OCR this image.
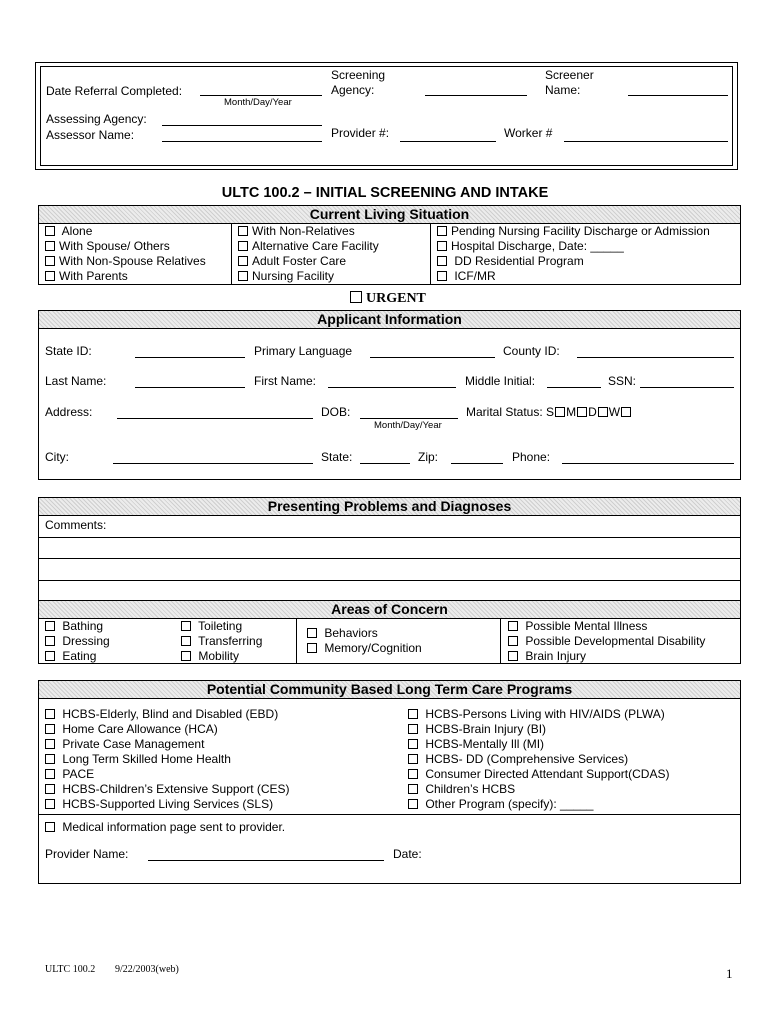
Date Referral Completed:
Month/Day/Year
Screening
Agency:
Screener
Name:
Assessing Agency:
Assessor Name:	Provider #:	Worker #
ULTC 100.2 – INITIAL SCREENING AND INTAKE
Current Living Situation
Alone
With Spouse/ Others
With Non-Spouse Relatives
With Parents
With Non-Relatives
Alternative Care Facility
Adult Foster Care
Nursing Facility
Pending Nursing Facility Discharge or Admission
Hospital Discharge, Date: _____
DD Residential Program
ICF/MR
URGENT
Applicant Information
State ID:	Primary Language	County ID:
Last Name:	First Name:	Middle Initial:	SSN:
Address:	DOB:
Month/Day/Year
Marital Status: S M D W
City:	State:	Zip:	Phone:
Presenting Problems and Diagnoses
Comments:
Areas of Concern
Bathing
Dressing
Eating
Toileting
Transferring
Mobility
Behaviors
Memory/Cognition
Possible Mental Illness
Possible Developmental Disability
Brain Injury
Potential Community Based Long Term Care Programs
HCBS-Elderly, Blind and Disabled (EBD)
Home Care Allowance (HCA)
Private Case Management
Long Term Skilled Home Health
PACE
HCBS-Children’s Extensive Support (CES)
HCBS-Supported Living Services (SLS)
HCBS-Persons Living with HIV/AIDS (PLWA)
HCBS-Brain Injury (BI)
HCBS-Mentally Ill (MI)
HCBS- DD (Comprehensive Services)
Consumer Directed Attendant Support(CDAS)
Children’s HCBS
Other Program (specify): _____
Medical information page sent to provider.
Provider Name:	Date:
ULTC 100.2 9/22/2003(web)	1
